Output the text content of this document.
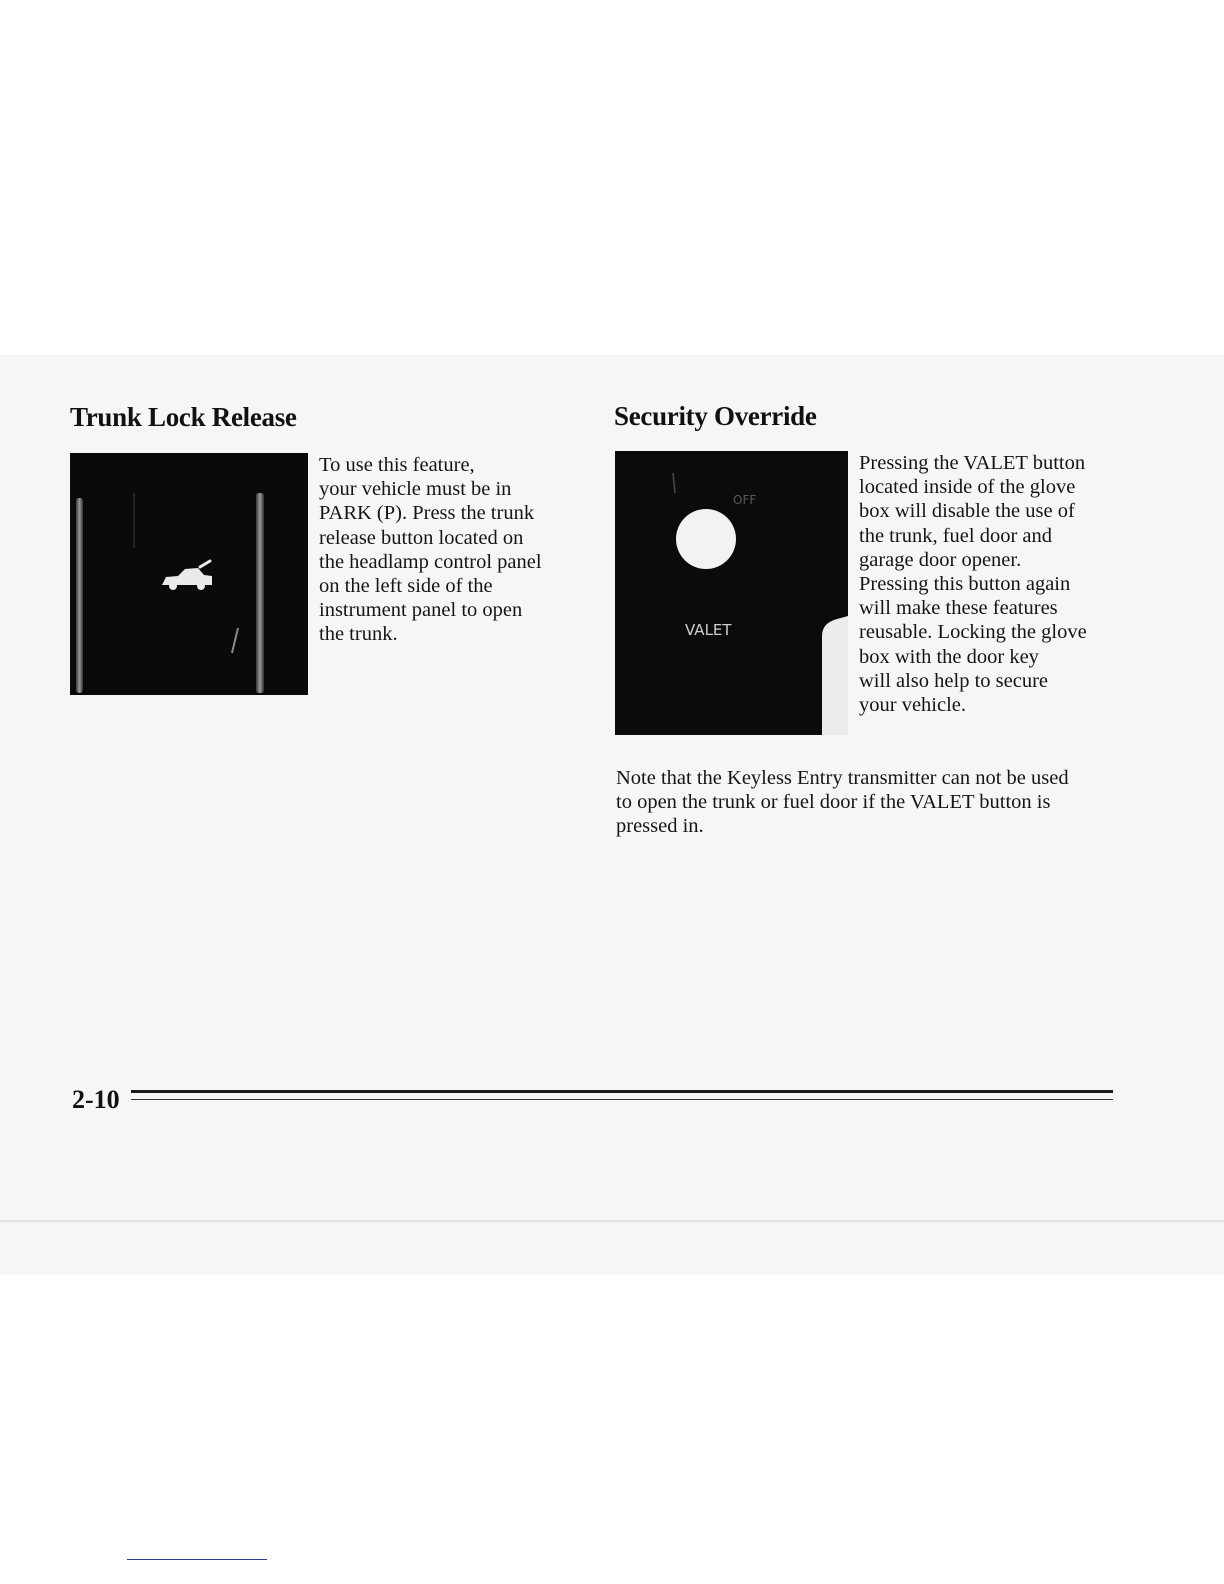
Trunk Lock Release

To use this feature,
your vehicle must be in
PARK (P). Press the trunk
release button located on
the headlamp control panel
on the left side of the
instrument panel to open
the trunk.

Security Override
OFF
VALET

Pressing the VALET button
located inside of the glove
box will disable the use of
the trunk, fuel door and
garage door opener.
Pressing this button again
will make these features
reusable. Locking the glove
box with the door key
will also help to secure
your vehicle.

Note that the Keyless Entry transmitter can not be used
to open the trunk or fuel door if the VALET button is
pressed in.

2-10
